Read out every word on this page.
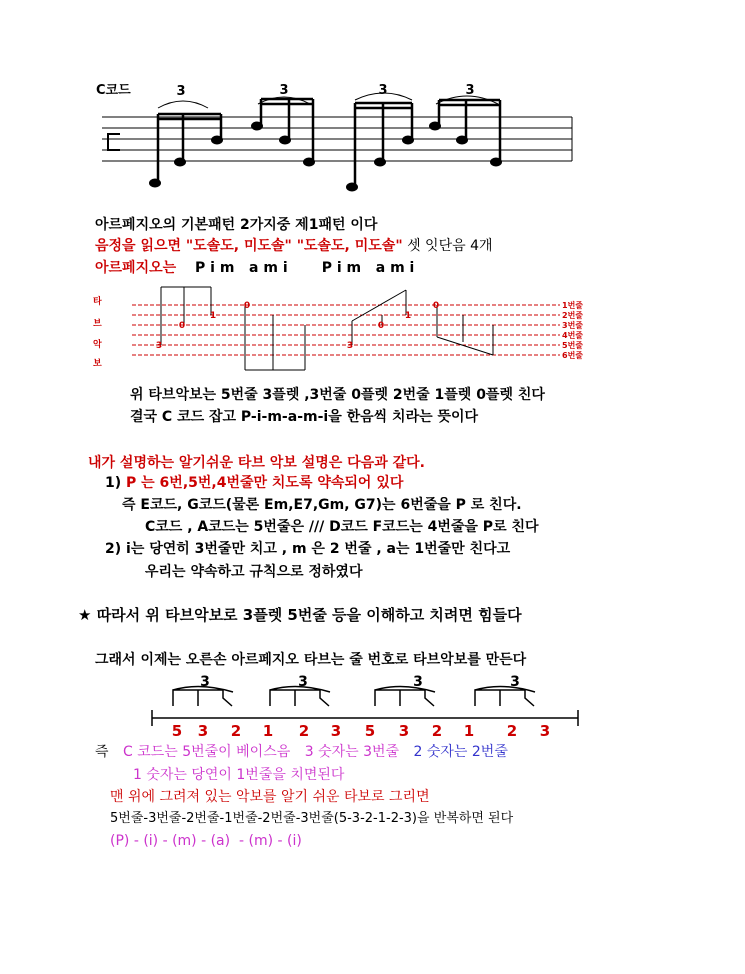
C코드	3	3	3	3
아르페지오의 기본패턴 2가지중 제1패턴 이다
음정을 읽으면 "도솔도, 미도솔" "도솔도, 미도솔" 셋 잇단음 4개
아르페지오는 P i m   a m i       P i m   a m i
타
브
악
보
1번줄
2번줄
3번줄
4번줄
5번줄
6번줄
3
0
1
0
3
0
1
0
위 타브악보는 5번줄 3플렛 ,3번줄 0플렛 2번줄 1플렛 0플렛 친다
결국 C 코드 잡고 P-i-m-a-m-i을 한음씩 치라는 뜻이다
내가 설명하는 알기쉬운 타브 악보 설명은 다음과 같다.
1) P 는 6번,5번,4번줄만 치도록 약속되어 있다
즉 E코드, G코드(물론 Em,E7,Gm, G7)는 6번줄을 P 로 친다.
C코드 , A코드는 5번줄은 /// D코드 F코드는 4번줄을 P로 친다
2) i는 당연히 3번줄만 치고 , m 은 2 번줄 , a는 1번줄만 친다고
우리는 약속하고 규칙으로 정하였다
★ 따라서 위 타브악보로 3플렛 5번줄 등을 이해하고 치려면 힘들다
그래서 이제는 오른손 아르페지오 타브는 줄 번호로 타브악보를 만든다
3	3	3	3
5 3 2 1 2 3 5 3 2 1 2 3
즉 C 코드는 5번줄이 베이스음 3 숫자는 3번줄 2 숫자는 2번줄
1 숫자는 당연이 1번줄을 치면된다
맨 위에 그려져 있는 악보를 알기 쉬운 타보로 그리면
5번줄-3번줄-2번줄-1번줄-2번줄-3번줄(5-3-2-1-2-3)을 반복하면 된다
(P) - (i) - (m) - (a)  - (m) - (i)
